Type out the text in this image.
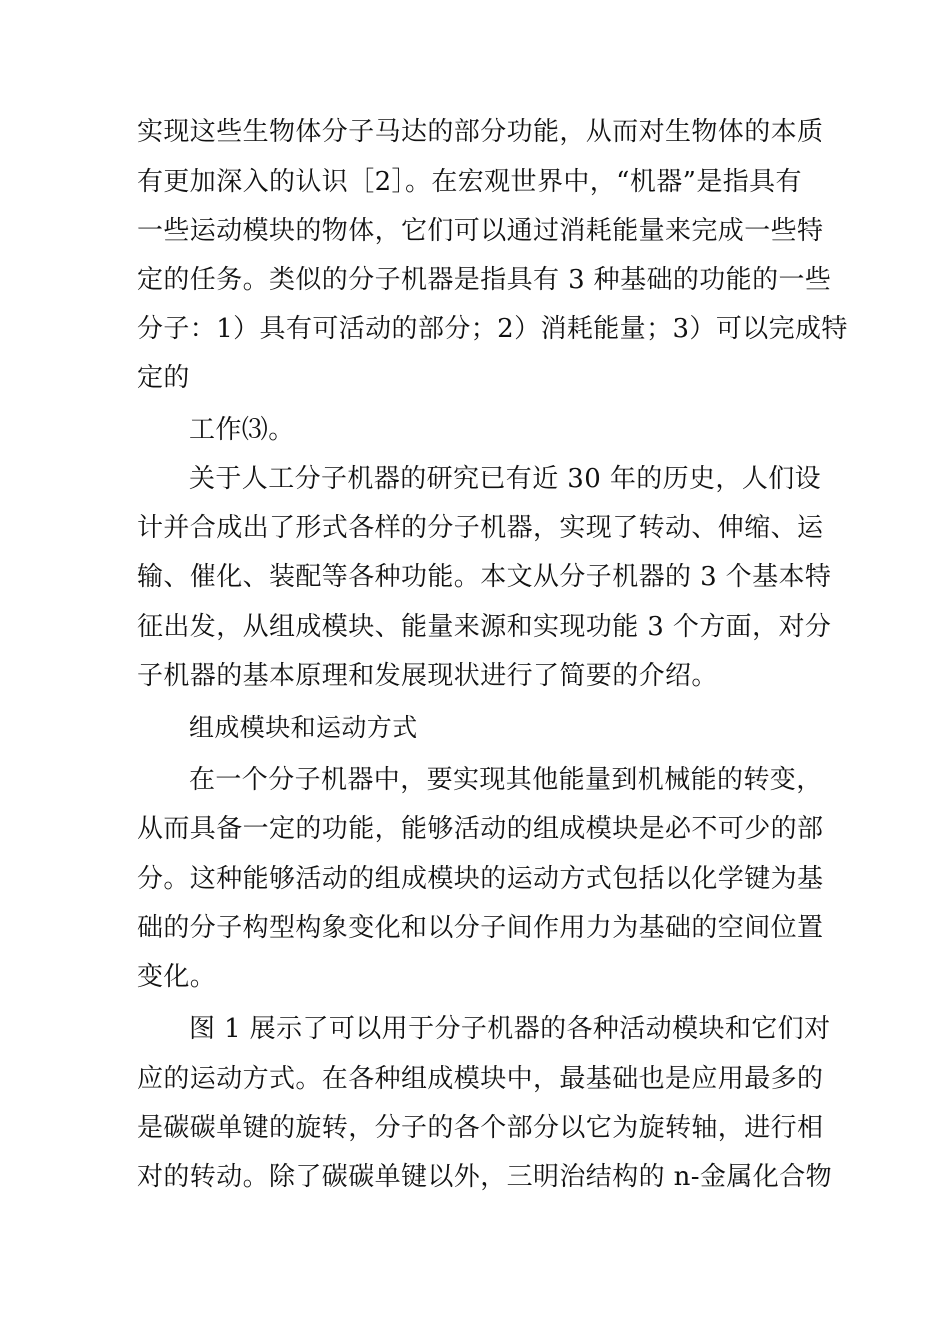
实现这些生物体分子马达的部分功能，从而对生物体的本质
有更加深入的认识［2］。在宏观世界中，“机器”是指具有
一些运动模块的物体，它们可以通过消耗能量来完成一些特
定的任务。类似的分子机器是指具有 3 种基础的功能的一些
分子：1）具有可活动的部分；2）消耗能量；3）可以完成特
定的
工作⑶。
关于人工分子机器的研究已有近 30 年的历史，人们设
计并合成出了形式各样的分子机器，实现了转动、伸缩、运
输、催化、装配等各种功能。本文从分子机器的 3 个基本特
征出发，从组成模块、能量来源和实现功能 3 个方面，对分
子机器的基本原理和发展现状进行了简要的介绍。
组成模块和运动方式
在一个分子机器中，要实现其他能量到机械能的转变，
从而具备一定的功能，能够活动的组成模块是必不可少的部
分。这种能够活动的组成模块的运动方式包括以化学键为基
础的分子构型构象变化和以分子间作用力为基础的空间位置
变化。
图 1 展示了可以用于分子机器的各种活动模块和它们对
应的运动方式。在各种组成模块中，最基础也是应用最多的
是碳碳单键的旋转，分子的各个部分以它为旋转轴，进行相
对的转动。除了碳碳单键以外，三明治结构的 n-金属化合物
